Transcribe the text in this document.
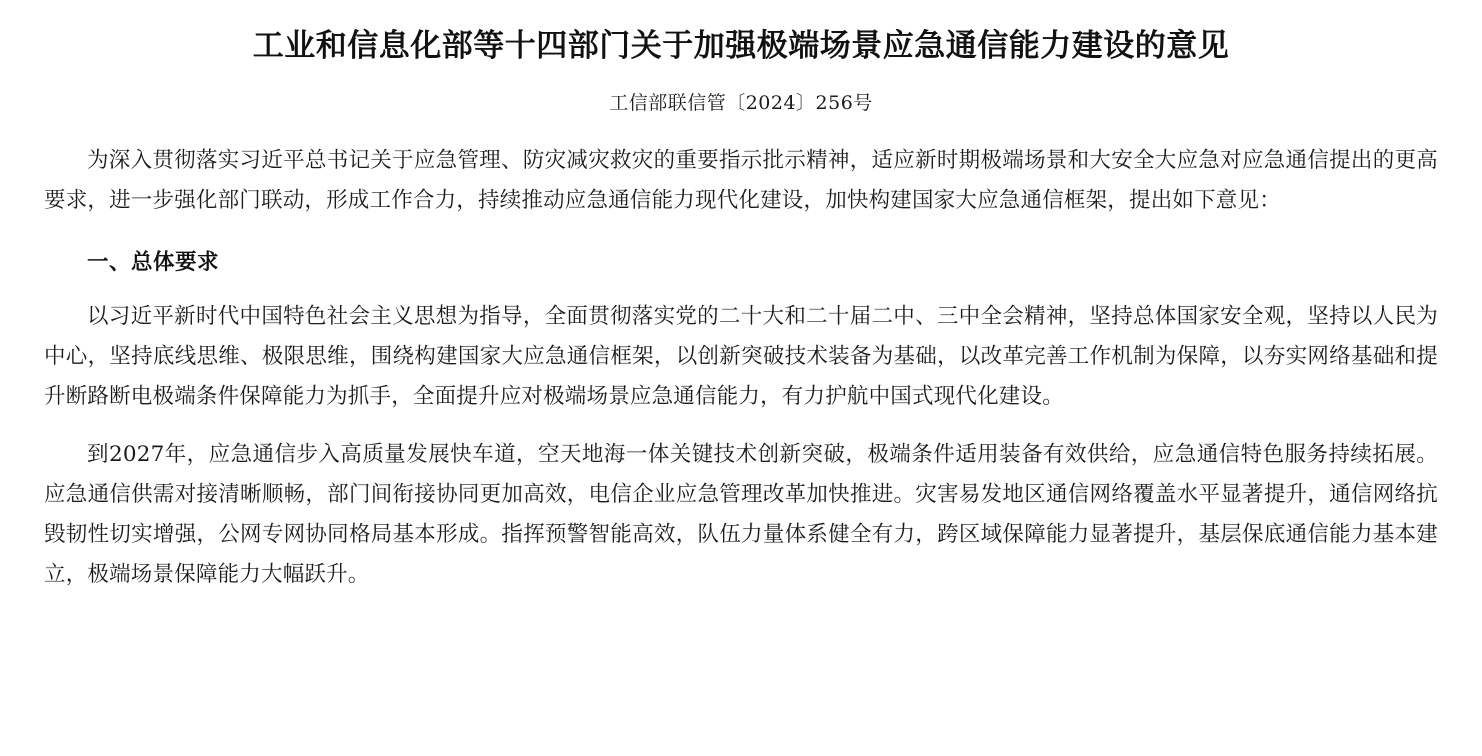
工业和信息化部等十四部门关于加强极端场景应急通信能力建设的意见
工信部联信管〔2024〕256号

为深入贯彻落实习近平总书记关于应急管理、防灾减灾救灾的重要指示批示精神，适应新时期极端场景和大安全大应急对应急通信提出的更高要求，进一步强化部门联动，形成工作合力，持续推动应急通信能力现代化建设，加快构建国家大应急通信框架，提出如下意见：

一、总体要求

以习近平新时代中国特色社会主义思想为指导，全面贯彻落实党的二十大和二十届二中、三中全会精神，坚持总体国家安全观，坚持以人民为中心，坚持底线思维、极限思维，围绕构建国家大应急通信框架，以创新突破技术装备为基础，以改革完善工作机制为保障，以夯实网络基础和提升断路断电极端条件保障能力为抓手，全面提升应对极端场景应急通信能力，有力护航中国式现代化建设。

到2027年，应急通信步入高质量发展快车道，空天地海一体关键技术创新突破，极端条件适用装备有效供给，应急通信特色服务持续拓展。应急通信供需对接清晰顺畅，部门间衔接协同更加高效，电信企业应急管理改革加快推进。灾害易发地区通信网络覆盖水平显著提升，通信网络抗毁韧性切实增强，公网专网协同格局基本形成。指挥预警智能高效，队伍力量体系健全有力，跨区域保障能力显著提升，基层保底通信能力基本建立，极端场景保障能力大幅跃升。
